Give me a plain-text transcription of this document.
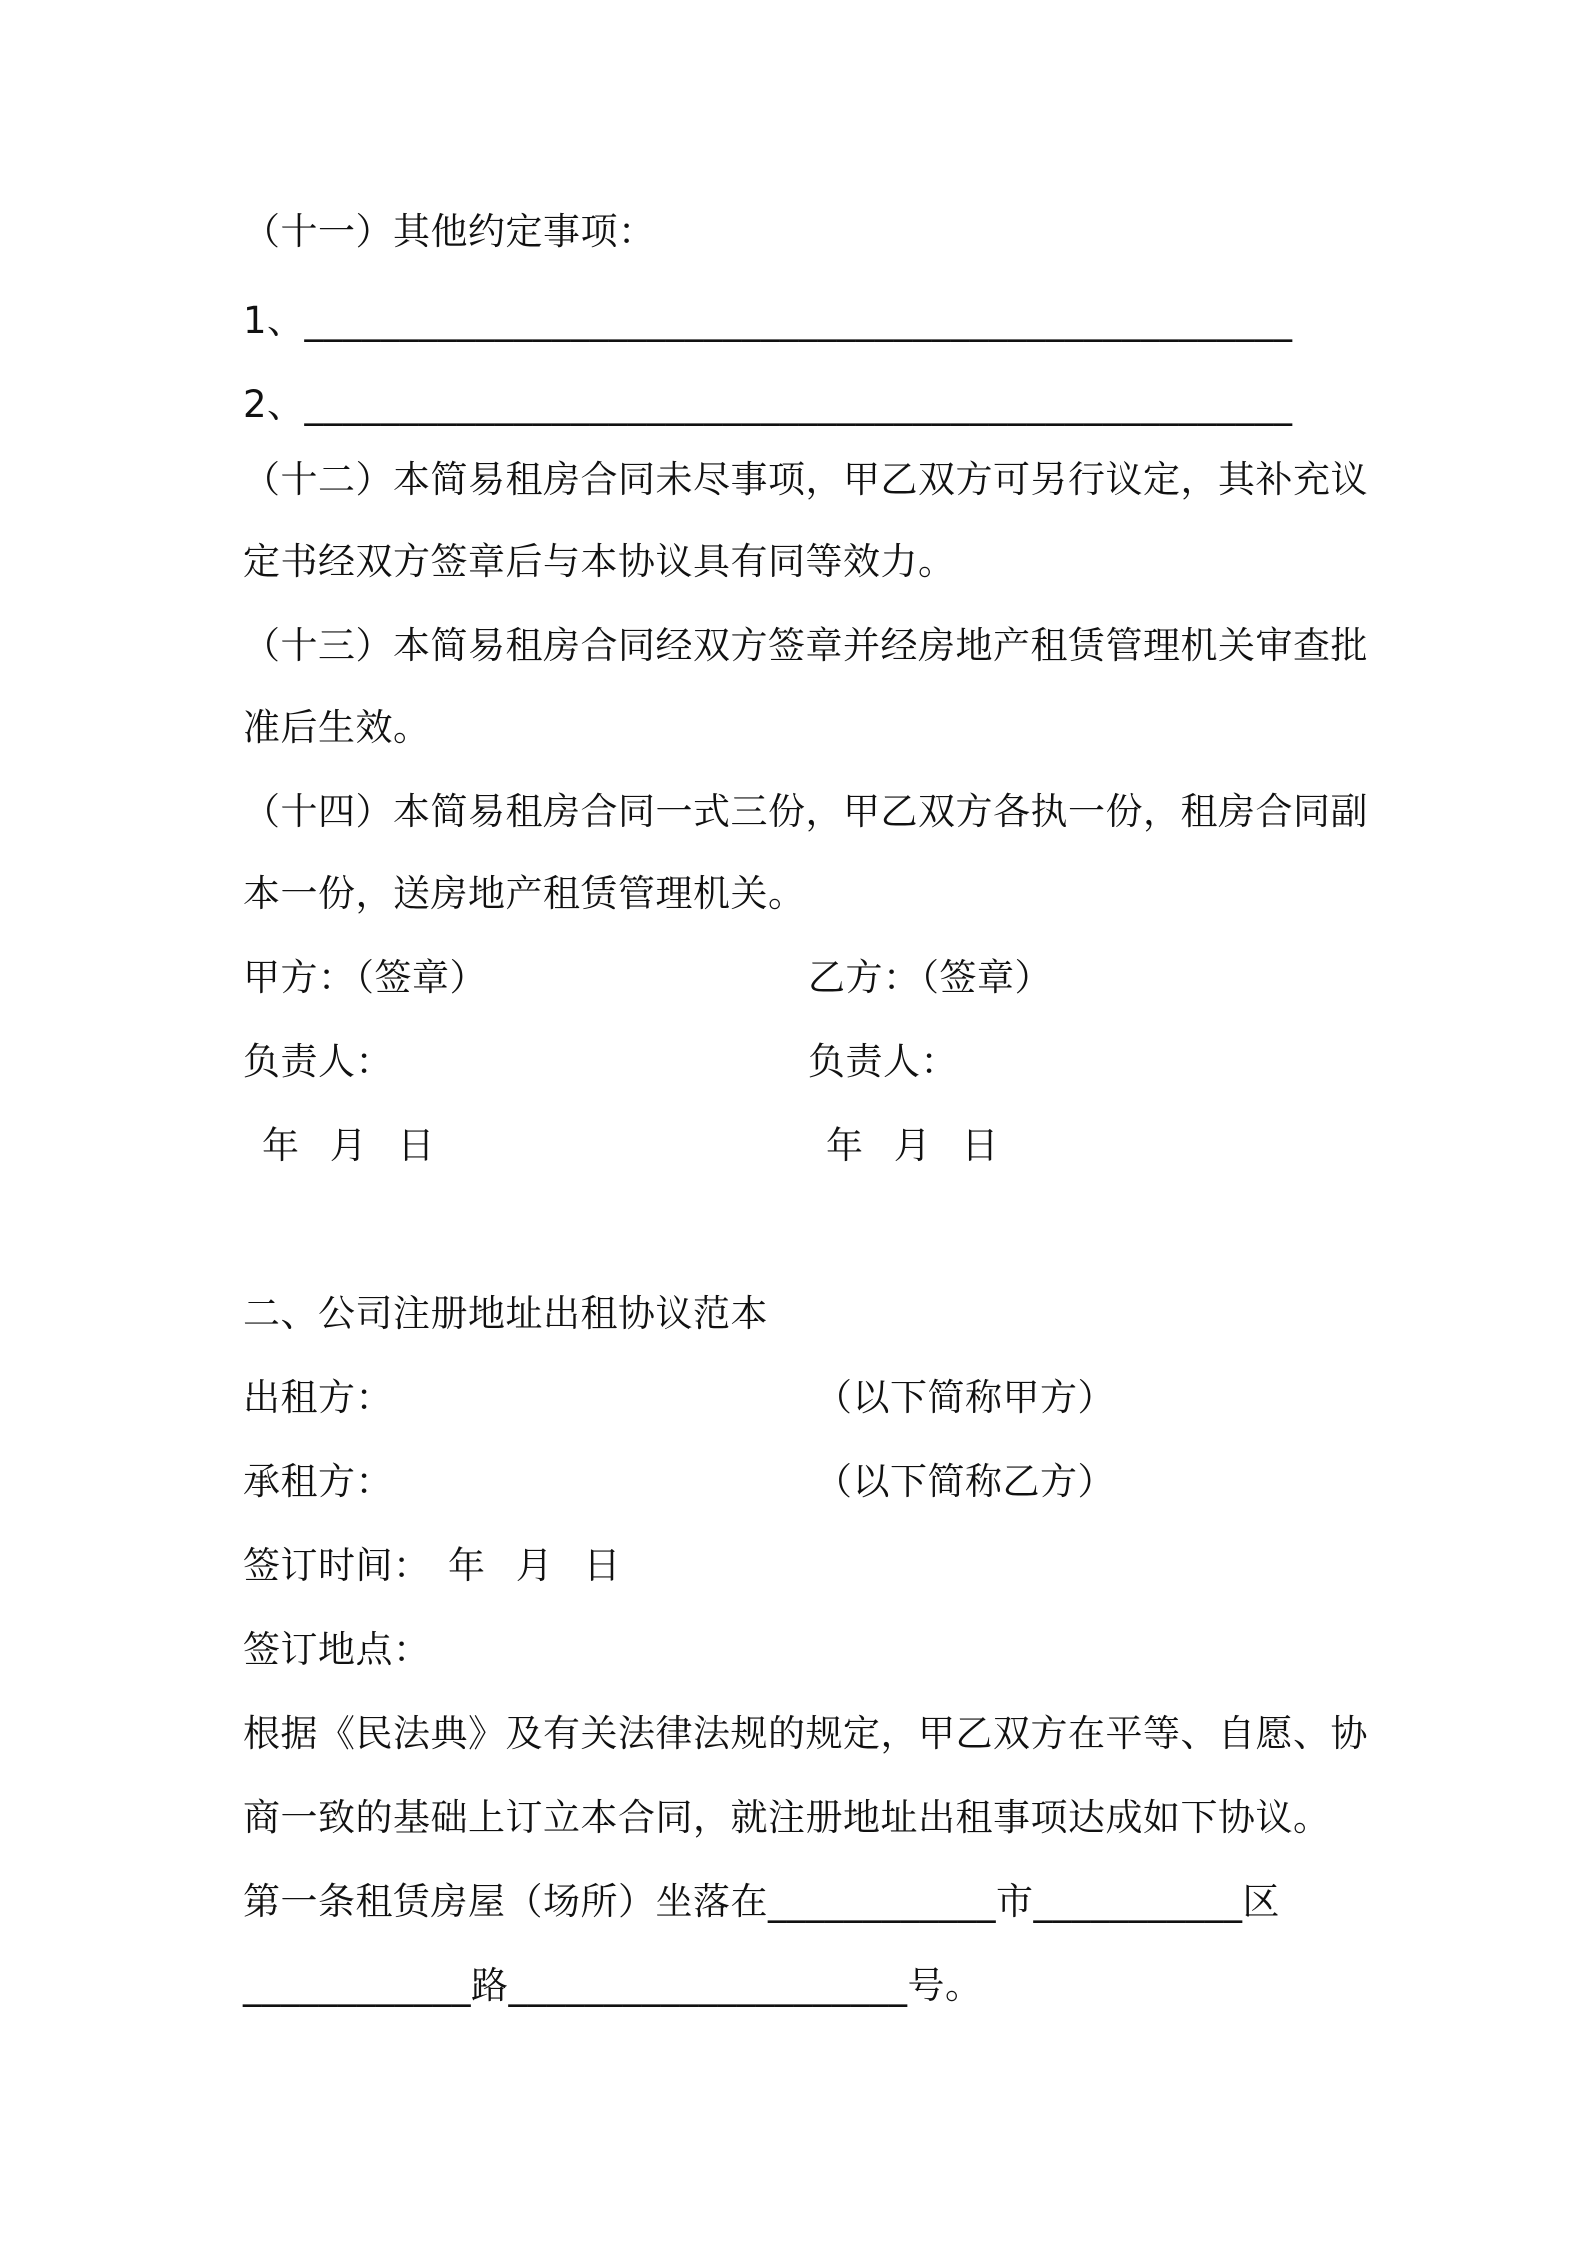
（十一）其他约定事项：
1、____________________________________________________
2、____________________________________________________
（十二）本简易租房合同未尽事项，甲乙双方可另行议定，其补充议
定书经双方签章后与本协议具有同等效力。
（十三）本简易租房合同经双方签章并经房地产租赁管理机关审查批
准后生效。
（十四）本简易租房合同一式三份，甲乙双方各执一份，租房合同副
本一份，送房地产租赁管理机关。
甲方：（签章）	乙方：（签章）
负责人：	负责人：
年 月 日	年 月 日
二、公司注册地址出租协议范本
出租方：	（以下简称甲方）
承租方：	（以下简称乙方）
签订时间： 年 月 日
签订地点：
根据《民法典》及有关法律法规的规定，甲乙双方在平等、自愿、协
商一致的基础上订立本合同，就注册地址出租事项达成如下协议。
第一条租赁房屋（场所）坐落在____________市___________区
____________路_____________________号。
